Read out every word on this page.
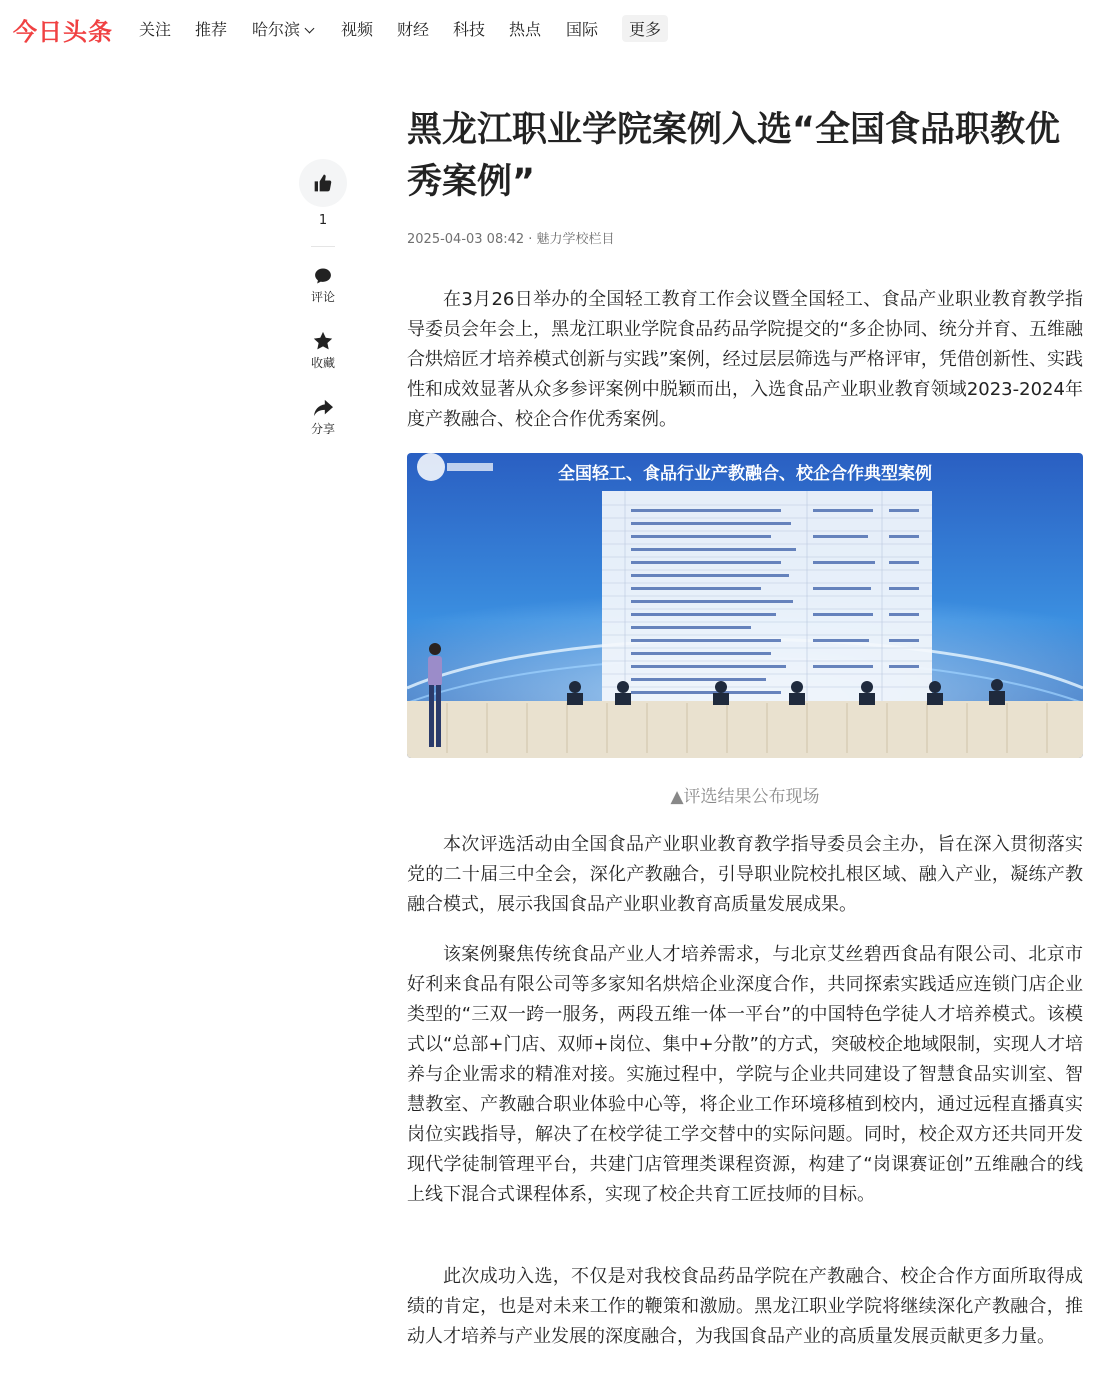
今日头条 关注 推荐 哈尔滨	视频 财经 科技 热点 国际	更多
1
评论
收藏
分享
黑龙江职业学院案例入选“全国食品职教优秀案例”
2025-04-03 08:42 · 魅力学校栏目

在3月26日举办的全国轻工教育工作会议暨全国轻工、食品产业职业教育教学指导委员会年会上，黑龙江职业学院食品药品学院提交的“多企协同、统分并育、五维融合烘焙匠才培养模式创新与实践”案例，经过层层筛选与严格评审，凭借创新性、实践性和成效显著从众多参评案例中脱颖而出，入选食品产业职业教育领域2023-2024年度产教融合、校企合作优秀案例。

全国轻工、食品行业产教融合、校企合作典型案例
▲评选结果公布现场

本次评选活动由全国食品产业职业教育教学指导委员会主办，旨在深入贯彻落实党的二十届三中全会，深化产教融合，引导职业院校扎根区域、融入产业，凝练产教融合模式，展示我国食品产业职业教育高质量发展成果。

该案例聚焦传统食品产业人才培养需求，与北京艾丝碧西食品有限公司、北京市好利来食品有限公司等多家知名烘焙企业深度合作，共同探索实践适应连锁门店企业类型的“三双一跨一服务，两段五维一体一平台”的中国特色学徒人才培养模式。该模式以“总部+门店、双师+岗位、集中+分散”的方式，突破校企地域限制，实现人才培养与企业需求的精准对接。实施过程中，学院与企业共同建设了智慧食品实训室、智慧教室、产教融合职业体验中心等，将企业工作环境移植到校内，通过远程直播真实岗位实践指导，解决了在校学徒工学交替中的实际问题。同时，校企双方还共同开发现代学徒制管理平台，共建门店管理类课程资源，构建了“岗课赛证创”五维融合的线上线下混合式课程体系，实现了校企共育工匠技师的目标。

此次成功入选，不仅是对我校食品药品学院在产教融合、校企合作方面所取得成绩的肯定，也是对未来工作的鞭策和激励。黑龙江职业学院将继续深化产教融合，推动人才培养与产业发展的深度融合，为我国食品产业的高质量发展贡献更多力量。
